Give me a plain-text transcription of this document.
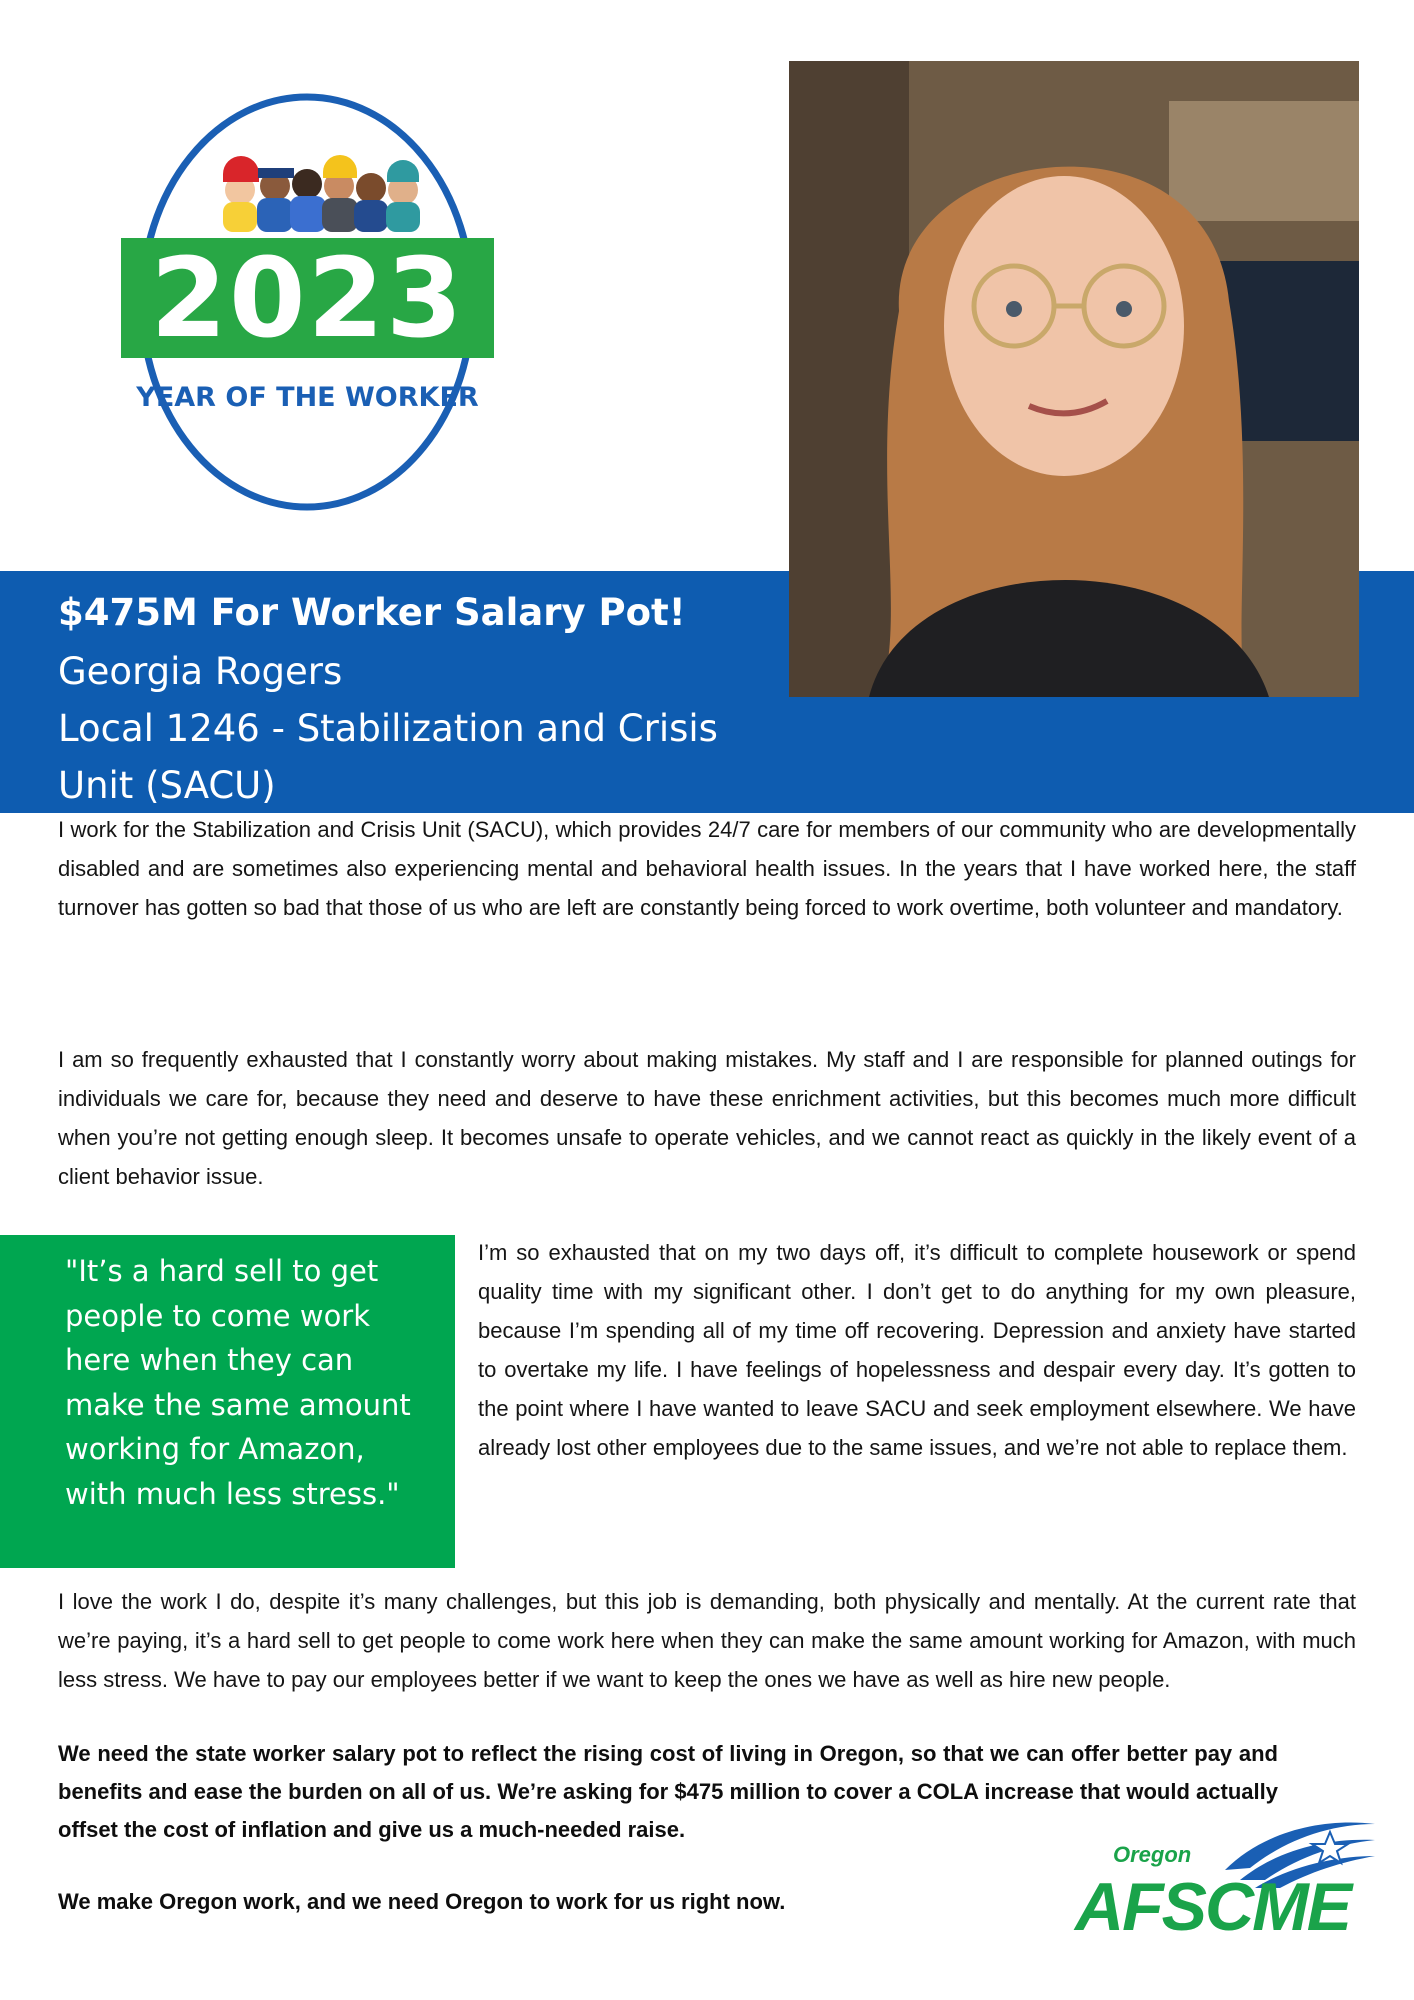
2023
YEAR OF THE WORKER
$475M For Worker Salary Pot!
Georgia Rogers
Local 1246 - Stabilization and Crisis
Unit (SACU)
I work for the Stabilization and Crisis Unit (SACU), which provides 24/7 care for members of our community who are developmentally disabled and are sometimes also experiencing mental and behavioral health issues. In the years that I have worked here, the staff turnover has gotten so bad that those of us who are left are constantly being forced to work overtime, both volunteer and mandatory.
I am so frequently exhausted that I constantly worry about making mistakes. My staff and I are responsible for planned outings for individuals we care for, because they need and deserve to have these enrichment activities, but this becomes much more difficult when you’re not getting enough sleep. It becomes unsafe to operate vehicles, and we cannot react as quickly in the likely event of a client behavior issue.
"It’s a hard sell to get people to come work here when they can make the same amount working for Amazon, with much less stress."
I’m so exhausted that on my two days off, it’s difficult to complete housework or spend quality time with my significant other. I don’t get to do anything for my own pleasure, because I’m spending all of my time off recovering. Depression and anxiety have started to overtake my life. I have feelings of hopelessness and despair every day. It’s gotten to the point where I have wanted to leave SACU and seek employment elsewhere. We have already lost other employees due to the same issues, and we’re not able to replace them.
I love the work I do, despite it’s many challenges, but this job is demanding, both physically and mentally. At the current rate that we’re paying, it’s a hard sell to get people to come work here when they can make the same amount working for Amazon, with much less stress. We have to pay our employees better if we want to keep the ones we have as well as hire new people.
We need the state worker salary pot to reflect the rising cost of living in Oregon, so that we can offer better pay and benefits and ease the burden on all of us. We’re asking for $475 million to cover a COLA increase that would actually offset the cost of inflation and give us a much-needed raise.
We make Oregon work, and we need Oregon to work for us right now.
Oregon
AFSCME
